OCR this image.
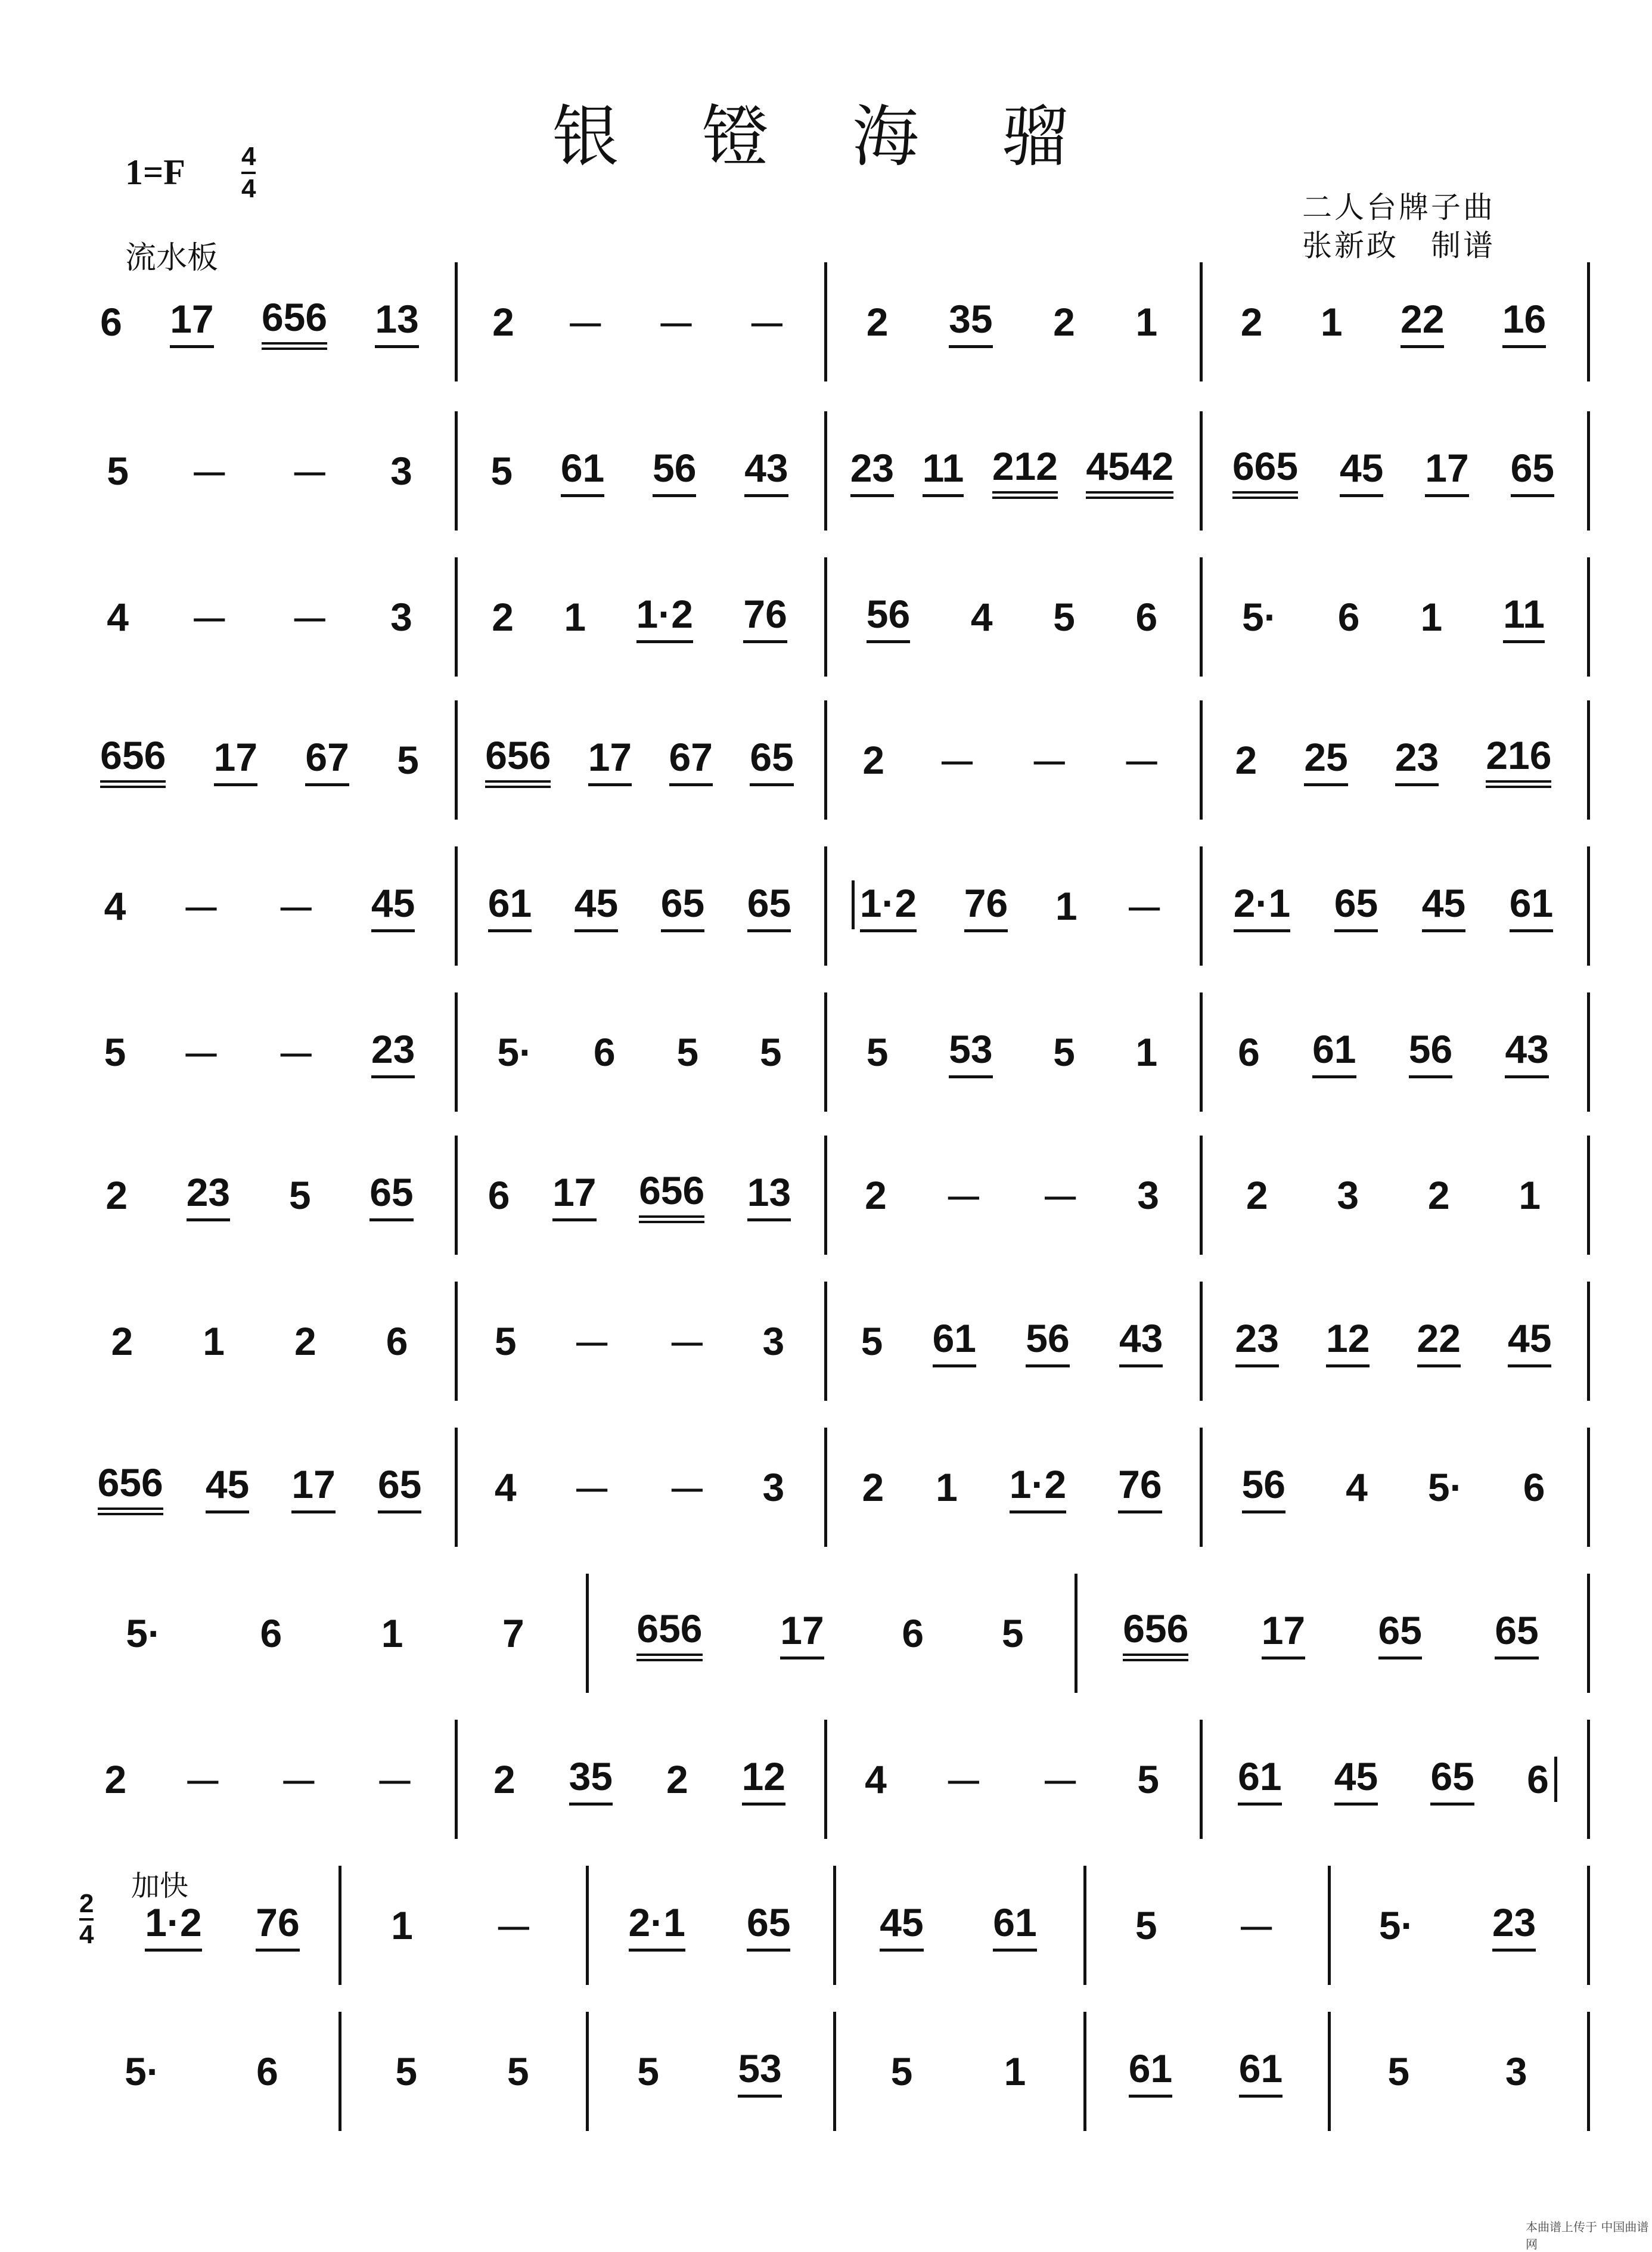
银 镫 海 骝
1=F 4
4
流水板
二人台牌子曲
张新政　制谱
加快
本曲谱上传于 中国曲谱网
6 17 656 13 2 － － － 2 35 2 1 2 1 22 16
5 － － 3 5 61 56 43 23 11 212 4542 665 45 17 65
4 － － 3 2 1 1·2 76 56 4 5 6 5· 6 1 11
656 17 67 5 656 17 67 65 2 － － － 2 25 23 216
4 － － 45 61 45 65 65 1·2 76 1 － 2·1 65 45 61
5 － － 23 5· 6 5 5 5 53 5 1 6 61 56 43
2 23 5 65 6 17 656 13 2 － － 3 2 3 2 1
2 1 2 6 5 － － 3 5 61 56 43 23 12 22 45
656 45 17 65 4 － － 3 2 1 1·2 76 56 4 5· 6
5·	6	1	7	656 17 6 5	656 17 65 65
2 － － － 2 35 2 12 4 － － 5 61 45 65 6
1·2 76 1 － 2·1 65 45 61	5 －	5· 23
2
4
5· 6	5 5	5 53	5 1	61 61	5 3
